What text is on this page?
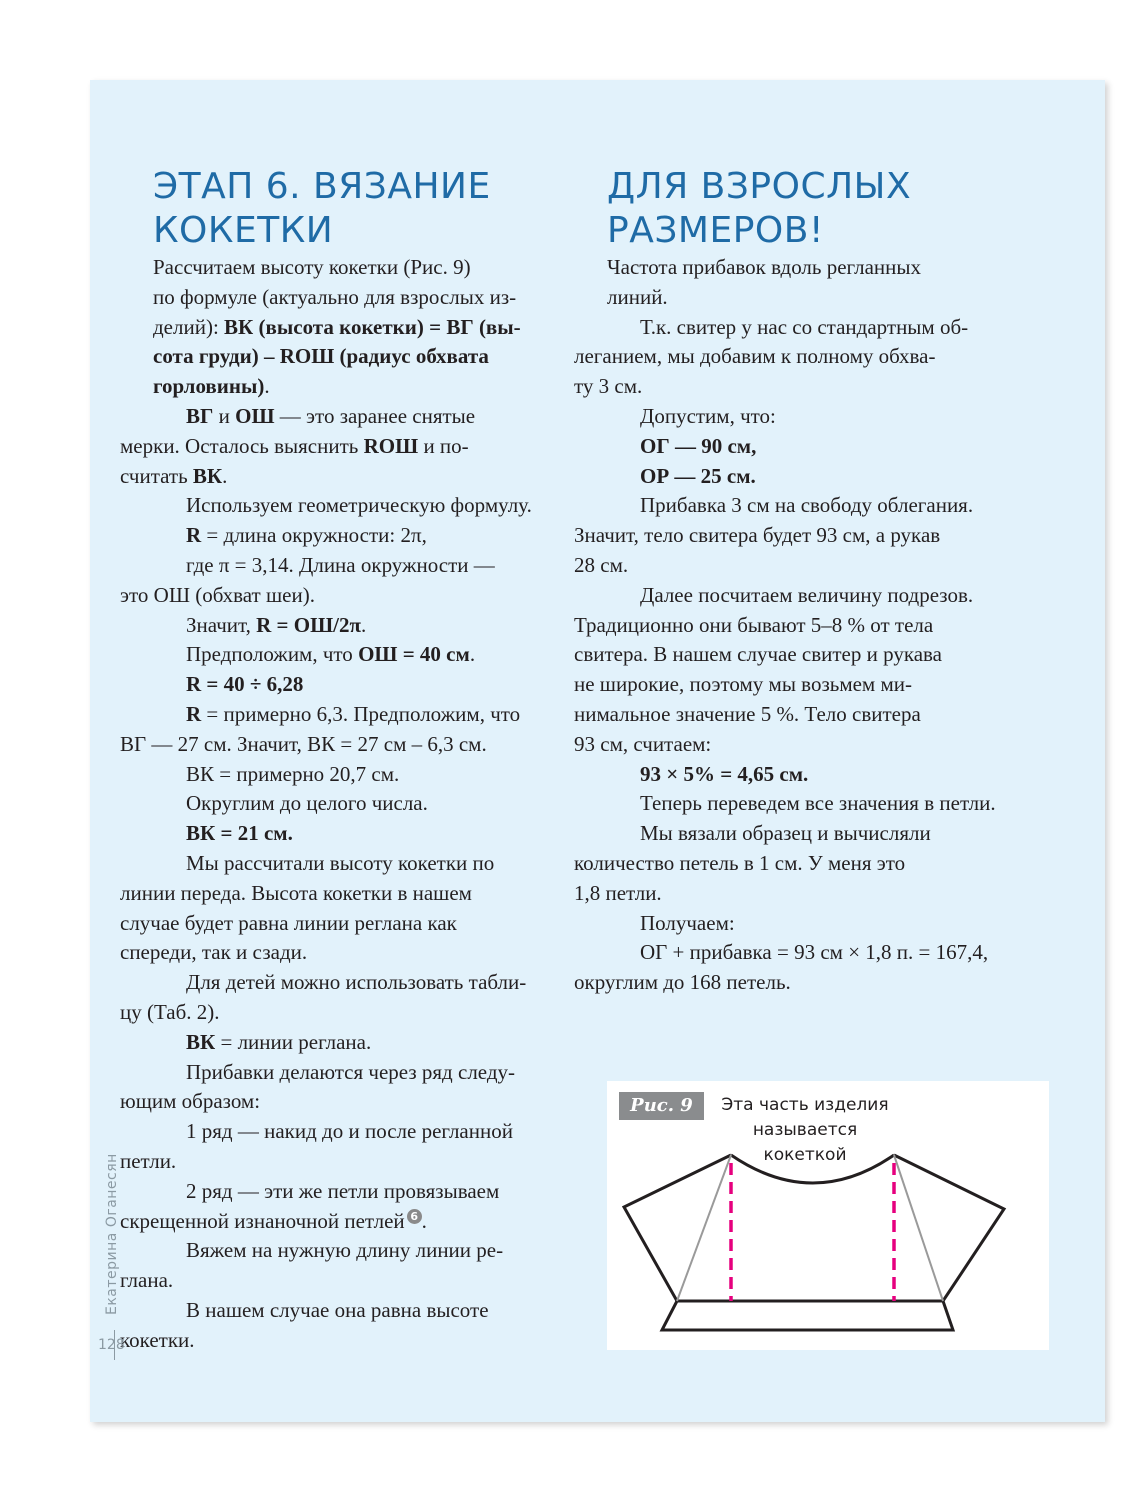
ЭТАП 6. ВЯЗАНИЕ
КОКЕТКИ

Рассчитаем высоту кокетки (Рис. 9)
по формуле (актуально для взрослых из-
делий): ВК (высота кокетки) = ВГ (вы-
сота груди) – RОШ (радиус обхвата
горловины).

ВГ и ОШ — это заранее снятые
мерки. Осталось выяснить RОШ и по-
считать ВК.

Используем геометрическую формулу.

R = длина окружности: 2π,

где π = 3,14. Длина окружности —
это ОШ (обхват шеи).

Значит, R = ОШ/2π.

Предположим, что ОШ = 40 см.

R = 40 ÷ 6,28

R = примерно 6,3. Предположим, что
ВГ — 27 см. Значит, ВК = 27 см – 6,3 см.

ВК = примерно 20,7 см.

Округлим до целого числа.

ВК = 21 см.

Мы рассчитали высоту кокетки по
линии переда. Высота кокетки в нашем
случае будет равна линии реглана как
спереди, так и сзади.

Для детей можно использовать табли-
цу (Таб. 2).

ВК = линии реглана.

Прибавки делаются через ряд следу-
ющим образом:

1 ряд — накид до и после регланной
петли.

2 ряд — эти же петли провязываем
скрещенной изнаночной петлей 6 .

Вяжем на нужную длину линии ре-
глана.

В нашем случае она равна высоте
кокетки.

ДЛЯ ВЗРОСЛЫХ
РАЗМЕРОВ!

Частота прибавок вдоль регланных
линий.

Т.к. свитер у нас со стандартным об-
леганием, мы добавим к полному обхва-
ту 3 см.

Допустим, что:

ОГ — 90 см,

ОР — 25 см.

Прибавка 3 см на свободу облегания.
Значит, тело свитера будет 93 см, а рукав
28 см.

Далее посчитаем величину подрезов.
Традиционно они бывают 5–8 % от тела
свитера. В нашем случае свитер и рукава
не широкие, поэтому мы возьмем ми-
нимальное значение 5 %. Тело свитера
93 см, считаем:

93 × 5% = 4,65 см.

Теперь переведем все значения в петли.

Мы вязали образец и вычисляли
количество петель в 1 см. У меня это
1,8 петли.

Получаем:

ОГ + прибавка = 93 см × 1,8 п. = 167,4,
округлим до 168 петель.

Рис. 9	Эта часть изделия
называется
кокеткой
Екатерина Оганесян
128
